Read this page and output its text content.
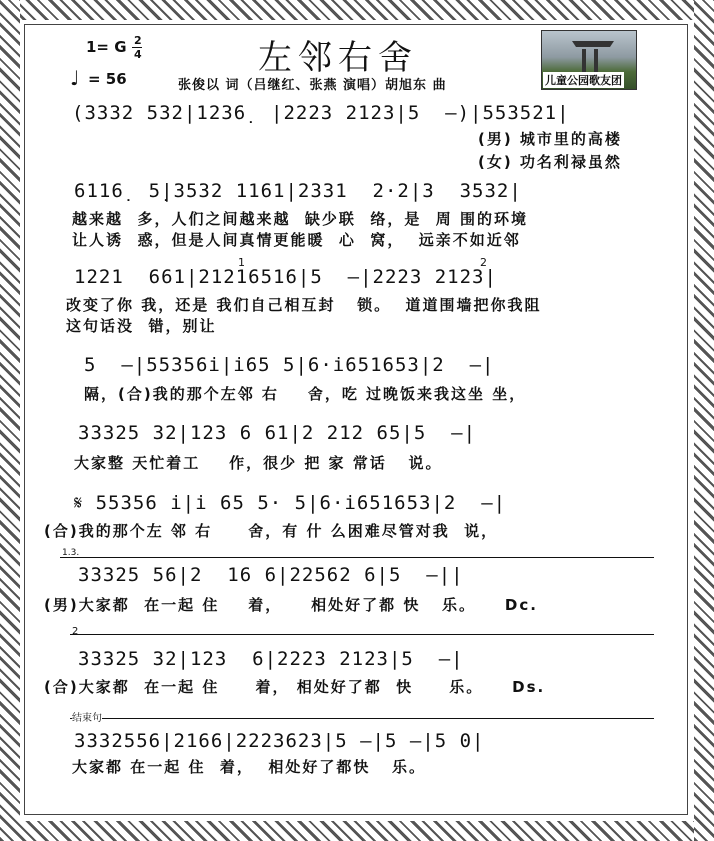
1= G 2
4
♩ = 56
左邻右舍
张俊以 词（吕继红、张燕 演唱）胡旭东 曲	儿童公园歌友团
(3332 532|1236̣  |2223 2123|5  –)|553521|
(男) 城市里的高楼
(女) 功名利禄虽然
6116̣  5̣|3532 1161|2331  2·2|3  3532|
越来越  多，人们之间越来越  缺少联  络，是  周 围的环境
让人诱  惑，但是人间真情更能暖  心  窝，  远亲不如近邻
1	2
1221  661|21216516|5  –|2223 2123|
改变了你 我，还是 我们自己相互封   锁。  道道围墙把你我阻
这句话没  错，别让
5  –|55356i|i65 5|6·i651653|2  –|
隔，(合)我的那个左邻 右    舍，吃 过晚饭来我这坐 坐，
33325 32|123 6 61|2 212 65|5  –|
大家整 天忙着工    作，很少 把 家 常话   说。
𝄋 55356 i|i 65 5· 5|6·i651653|2  –|
(合)我的那个左 邻 右     舍，有 什 么困难尽管对我  说，
1.3.
33325 56|2  16 6|22562 6|5  –||
(男)大家都  在一起 住    着，    相处好了都 快   乐。    Dc.
2
33325 32|123  6|2223 2123|5  –|
(合)大家都  在一起 住     着， 相处好了都  快     乐。    Ds.
结束句
3332556|2166|2223623|5 –|5 –|5 0|
大家都 在一起 住  着，  相处好了都快   乐。
